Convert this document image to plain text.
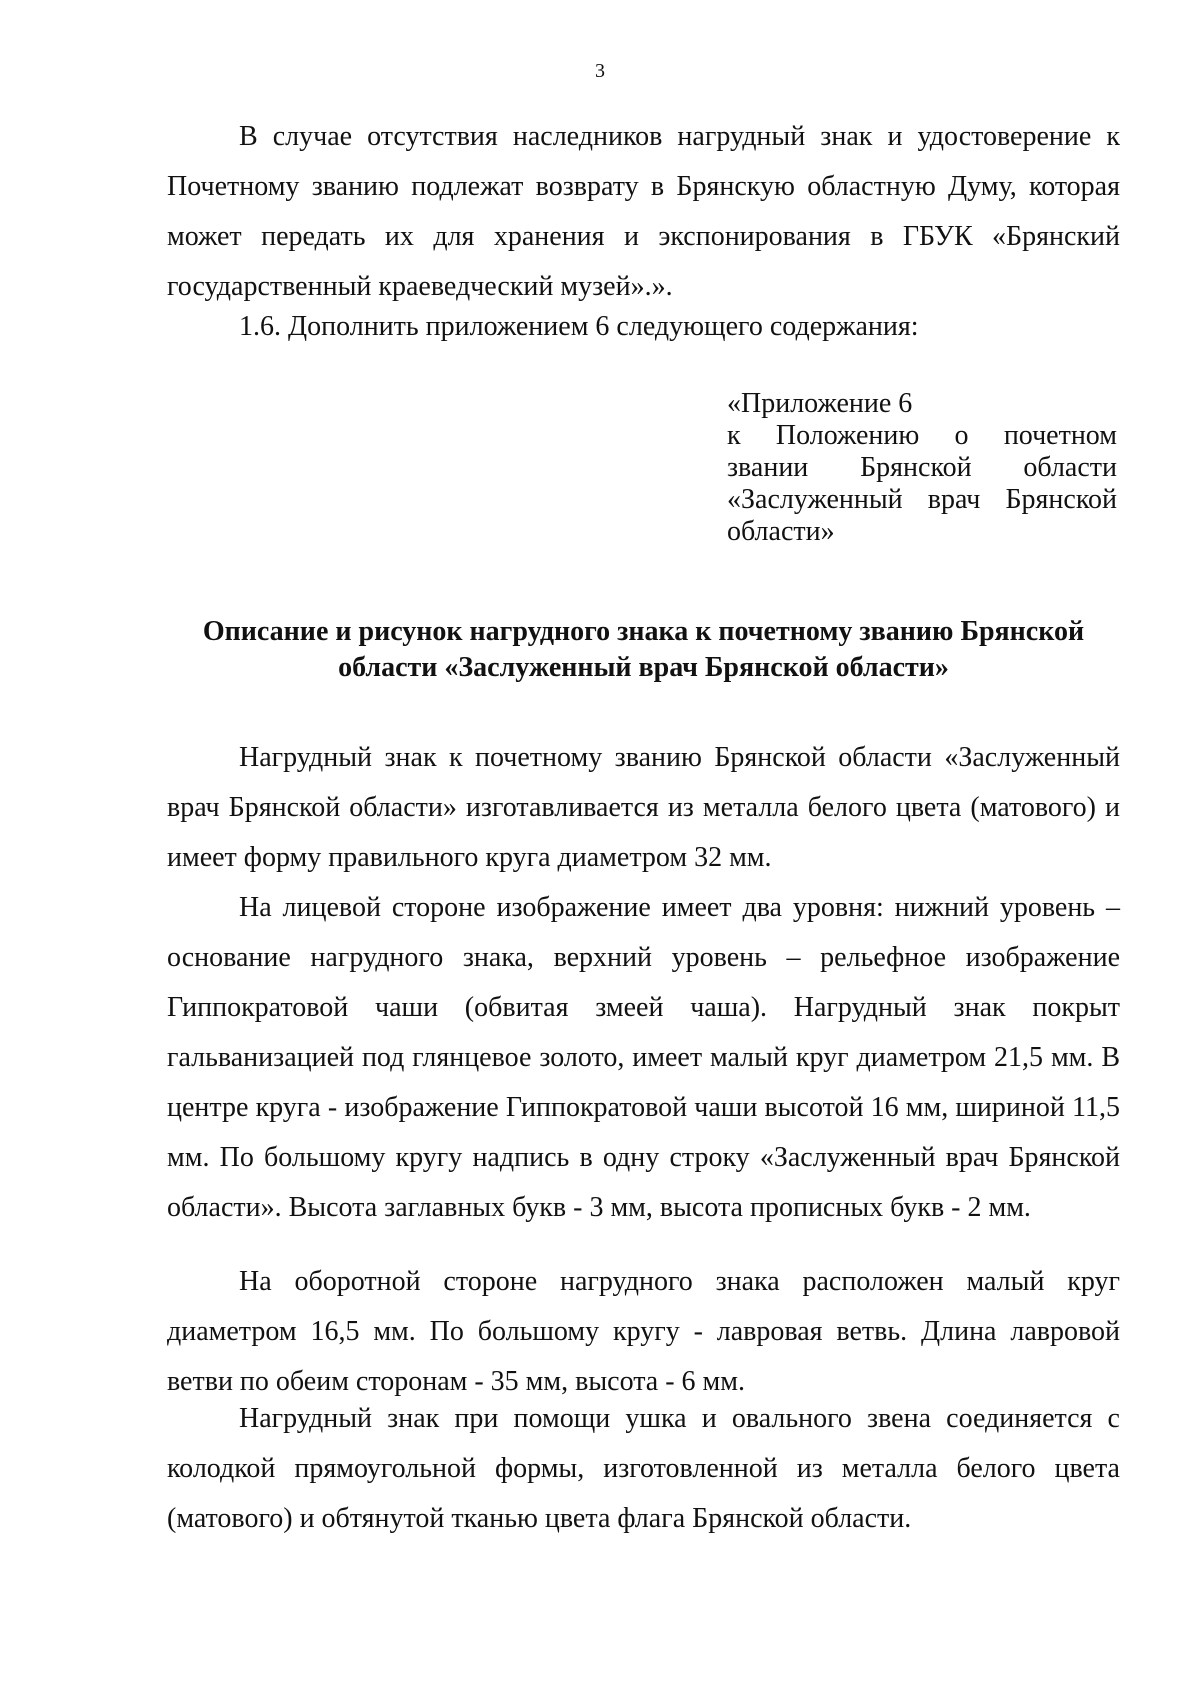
3

В случае отсутствия наследников нагрудный знак и удостоверение к Почетному званию подлежат возврату в Брянскую областную Думу, которая может передать их для хранения и экспонирования в ГБУК «Брянский государственный краеведческий музей».».

1.6. Дополнить приложением 6 следующего содержания:

«Приложение 6
к Положению о почетном
звании Брянской области
«Заслуженный врач Брянской
области»
Описание и рисунок нагрудного знака к почетному званию Брянской
области «Заслуженный врач Брянской области»

Нагрудный знак к почетному званию Брянской области «Заслуженный врач Брянской области» изготавливается из металла белого цвета (матового) и имеет форму правильного круга диаметром 32 мм.

На лицевой стороне изображение имеет два уровня: нижний уровень – основание нагрудного знака, верхний уровень – рельефное изображение Гиппократовой чаши (обвитая змеей чаша). Нагрудный знак покрыт гальванизацией под глянцевое золото, имеет малый круг диаметром 21,5 мм. В центре круга - изображение Гиппократовой чаши высотой 16 мм, шириной 11,5 мм. По большому кругу надпись в одну строку «Заслуженный врач Брянской области». Высота заглавных букв - 3 мм, высота прописных букв - 2 мм.

На оборотной стороне нагрудного знака расположен малый круг диаметром 16,5 мм. По большому кругу - лавровая ветвь. Длина лавровой ветви по обеим сторонам - 35 мм, высота - 6 мм.

Нагрудный знак при помощи ушка и овального звена соединяется с колодкой прямоугольной формы, изготовленной из металла белого цвета (матового) и обтянутой тканью цвета флага Брянской области.
